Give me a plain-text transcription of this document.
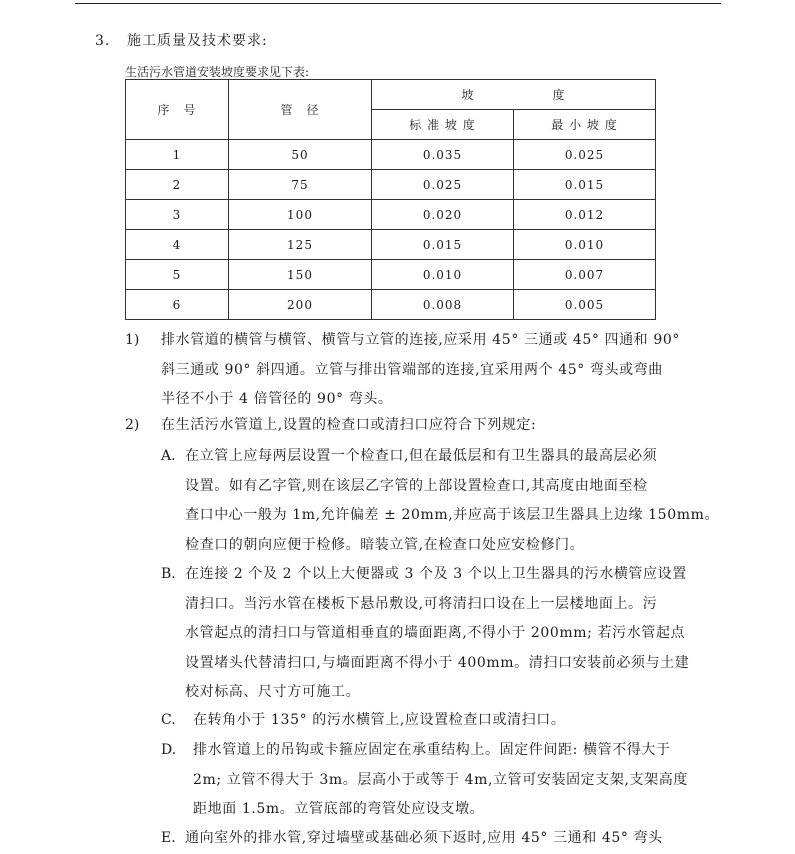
3. 施工质量及技术要求:
生活污水管道安装坡度要求见下表:
序　号	管　径	坡　　　　　　度	
		标 准 坡 度	最 小 坡 度
1	50	0.035	0.025
2	75	0.025	0.015
3	100	0.020	0.012
4	125	0.015	0.010
5	150	0.010	0.007
6	200	0.008	0.005
1) 排水管道的横管与横管、横管与立管的连接,应采用 45° 三通或 45° 四通和 90°
斜三通或 90° 斜四通。立管与排出管端部的连接,宜采用两个 45° 弯头或弯曲
半径不小于 4 倍管径的 90° 弯头。
2) 在生活污水管道上,设置的检查口或清扫口应符合下列规定:
A. 在立管上应每两层设置一个检查口,但在最低层和有卫生器具的最高层必须
设置。如有乙字管,则在该层乙字管的上部设置检查口,其高度由地面至检
查口中心一般为 1m,允许偏差 ± 20mm,并应高于该层卫生器具上边缘 150mm。
检查口的朝向应便于检修。暗装立管,在检查口处应安检修门。
B. 在连接 2 个及 2 个以上大便器或 3 个及 3 个以上卫生器具的污水横管应设置
清扫口。当污水管在楼板下悬吊敷设,可将清扫口设在上一层楼地面上。污
水管起点的清扫口与管道相垂直的墙面距离,不得小于 200mm; 若污水管起点
设置堵头代替清扫口,与墙面距离不得小于 400mm。清扫口安装前必须与土建
校对标高、尺寸方可施工。
C. 在转角小于 135° 的污水横管上,应设置检查口或清扫口。
D. 排水管道上的吊钩或卡箍应固定在承重结构上。固定件间距: 横管不得大于
2m; 立管不得大于 3m。层高小于或等于 4m,立管可安装固定支架,支架高度
距地面 1.5m。立管底部的弯管处应设支墩。
E. 通向室外的排水管,穿过墙壁或基础必须下返时,应用 45° 三通和 45° 弯头
